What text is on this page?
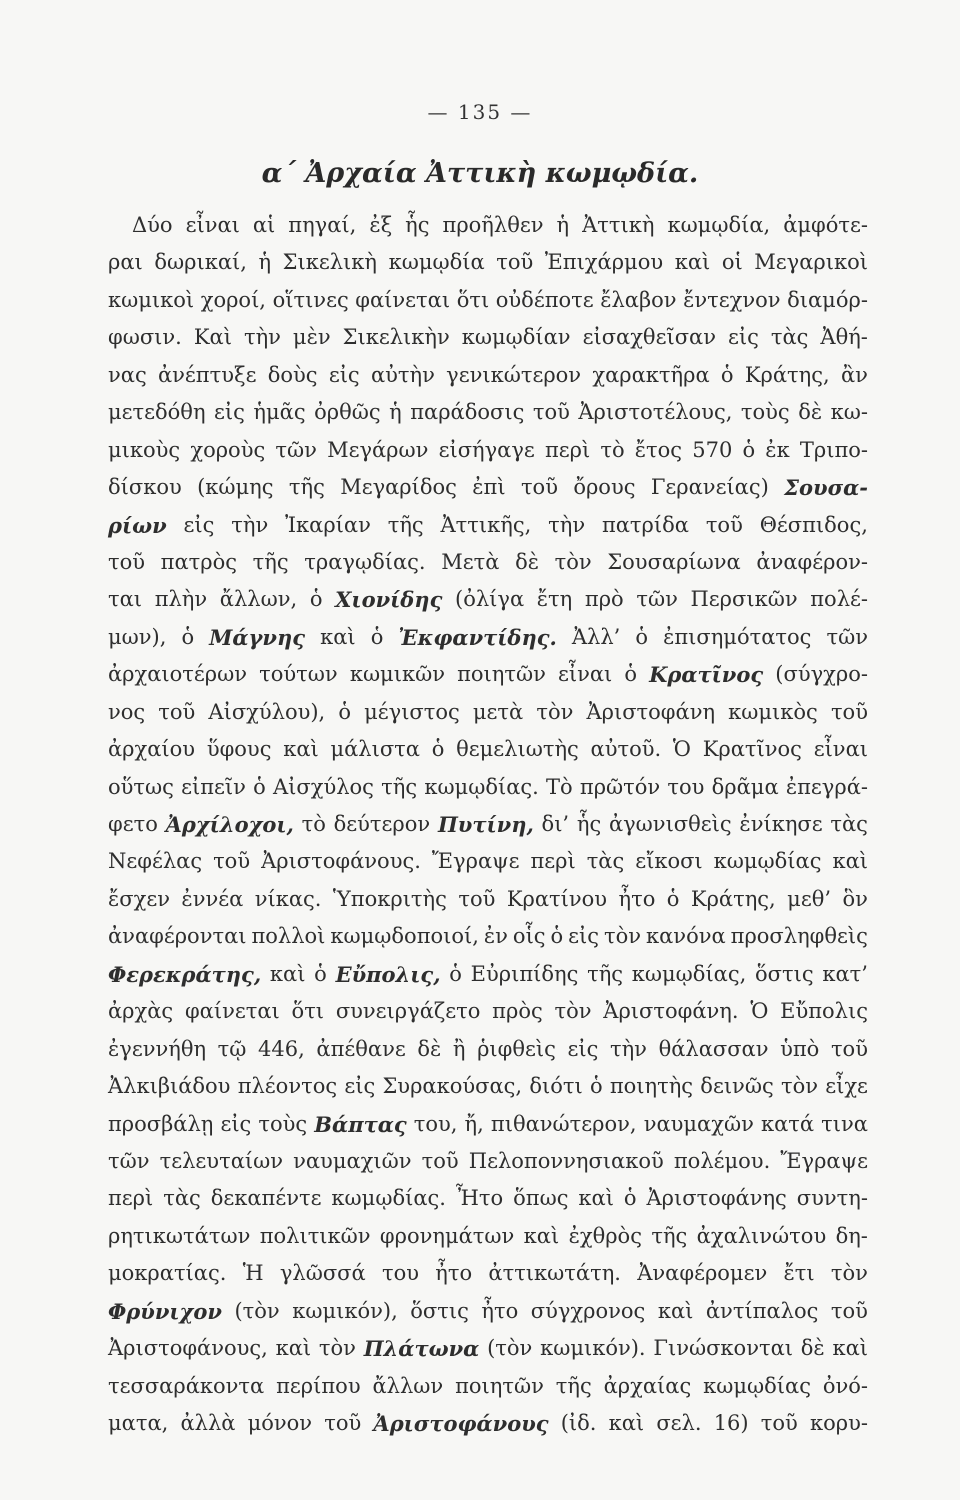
— 135 —
α΄ Ἀρχαία Ἀττικὴ κωμῳδία.
Δύο εἶναι αἱ πηγαί, ἐξ ἧς προῆλθεν ἡ Ἀττικὴ κωμῳδία, ἀμφότε-
ραι δωρικαί, ἡ Σικελικὴ κωμῳδία τοῦ Ἐπιχάρμου καὶ οἱ Μεγαρικοὶ
κωμικοὶ χοροί, οἵτινες φαίνεται ὅτι οὐδέποτε ἔλαβον ἔντεχνον διαμόρ-
φωσιν. Καὶ τὴν μὲν Σικελικὴν κωμῳδίαν εἰσαχθεῖσαν εἰς τὰς Ἀθή-
νας ἀνέπτυξε δοὺς εἰς αὐτὴν γενικώτερον χαρακτῆρα ὁ Κράτης, ἂν
μετεδόθη εἰς ἡμᾶς ὀρθῶς ἡ παράδοσις τοῦ Ἀριστοτέλους, τοὺς δὲ κω-
μικοὺς χοροὺς τῶν Μεγάρων εἰσήγαγε περὶ τὸ ἔτος 570 ὁ ἐκ Τριπο-
δίσκου (κώμης τῆς Μεγαρίδος ἐπὶ τοῦ ὄρους Γερανείας) Σουσα-
ρίων εἰς τὴν Ἰκαρίαν τῆς Ἀττικῆς, τὴν πατρίδα τοῦ Θέσπιδος,
τοῦ πατρὸς τῆς τραγῳδίας. Μετὰ δὲ τὸν Σουσαρίωνα ἀναφέρον-
ται πλὴν ἄλλων, ὁ Χιονίδης (ὀλίγα ἔτη πρὸ τῶν Περσικῶν πολέ-
μων), ὁ Μάγνης καὶ ὁ Ἐκφαντίδης. Ἀλλ’ ὁ ἐπισημότατος τῶν
ἀρχαιοτέρων τούτων κωμικῶν ποιητῶν εἶναι ὁ Κρατῖνος (σύγχρο-
νος τοῦ Αἰσχύλου), ὁ μέγιστος μετὰ τὸν Ἀριστοφάνη κωμικὸς τοῦ
ἀρχαίου ὕφους καὶ μάλιστα ὁ θεμελιωτὴς αὐτοῦ. Ὁ Κρατῖνος εἶναι
οὕτως εἰπεῖν ὁ Αἰσχύλος τῆς κωμῳδίας. Τὸ πρῶτόν του δρᾶμα ἐπεγρά-
φετο Ἀρχίλοχοι, τὸ δεύτερον Πυτίνη, δι’ ἧς ἀγωνισθεὶς ἐνίκησε τὰς
Νεφέλας τοῦ Ἀριστοφάνους. Ἔγραψε περὶ τὰς εἴκοσι κωμῳδίας καὶ
ἔσχεν ἐννέα νίκας. Ὑποκριτὴς τοῦ Κρατίνου ἦτο ὁ Κράτης, μεθ’ ὃν
ἀναφέρονται πολλοὶ κωμῳδοποιοί, ἐν οἷς ὁ εἰς τὸν κανόνα προσληφθεὶς
Φερεκράτης, καὶ ὁ Εὔπολις, ὁ Εὐριπίδης τῆς κωμῳδίας, ὅστις κατ’
ἀρχὰς φαίνεται ὅτι συνειργάζετο πρὸς τὸν Ἀριστοφάνη. Ὁ Εὔπολις
ἐγεννήθη τῷ 446, ἀπέθανε δὲ ἢ ῥιφθεὶς εἰς τὴν θάλασσαν ὑπὸ τοῦ
Ἀλκιβιάδου πλέοντος εἰς Συρακούσας, διότι ὁ ποιητὴς δεινῶς τὸν εἶχε
προσβάλῃ εἰς τοὺς Βάπτας του, ἤ, πιθανώτερον, ναυμαχῶν κατά τινα
τῶν τελευταίων ναυμαχιῶν τοῦ Πελοποννησιακοῦ πολέμου. Ἔγραψε
περὶ τὰς δεκαπέντε κωμῳδίας. Ἦτο ὅπως καὶ ὁ Ἀριστοφάνης συντη-
ρητικωτάτων πολιτικῶν φρονημάτων καὶ ἐχθρὸς τῆς ἀχαλινώτου δη-
μοκρατίας. Ἡ γλῶσσά του ἦτο ἀττικωτάτη. Ἀναφέρομεν ἔτι τὸν
Φρύνιχον (τὸν κωμικόν), ὅστις ἦτο σύγχρονος καὶ ἀντίπαλος τοῦ
Ἀριστοφάνους, καὶ τὸν Πλάτωνα (τὸν κωμικόν). Γινώσκονται δὲ καὶ
τεσσαράκοντα περίπου ἄλλων ποιητῶν τῆς ἀρχαίας κωμῳδίας ὀνό-
ματα, ἀλλὰ μόνον τοῦ Ἀριστοφάνους (ἰδ. καὶ σελ. 16) τοῦ κορυ-
